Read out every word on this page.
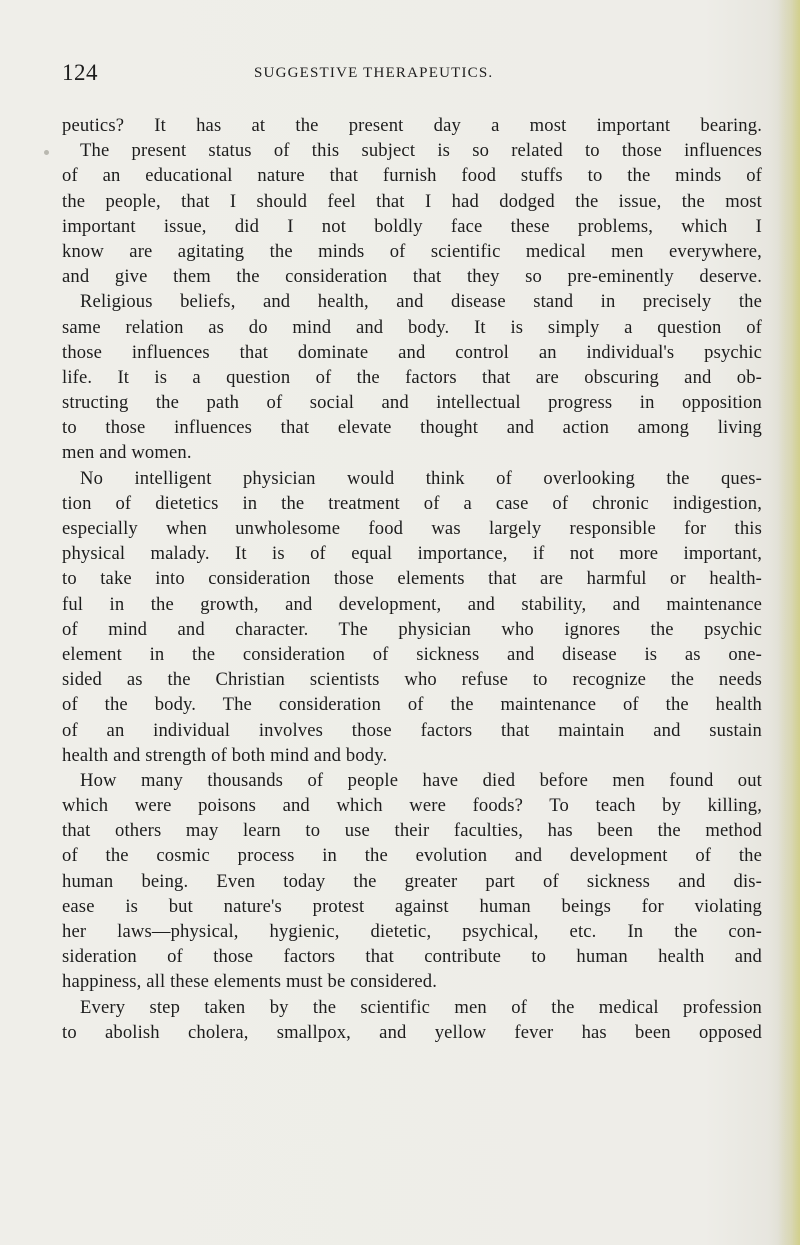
124	SUGGESTIVE THERAPEUTICS.
peutics? It has at the present day a most important bearing.
The present status of this subject is so related to those influences
of an educational nature that furnish food stuffs to the minds of
the people, that I should feel that I had dodged the issue, the most
important issue, did I not boldly face these problems, which I
know are agitating the minds of scientific medical men everywhere,
and give them the consideration that they so pre-eminently deserve.
Religious beliefs, and health, and disease stand in precisely the
same relation as do mind and body. It is simply a question of
those influences that dominate and control an individual's psychic
life. It is a question of the factors that are obscuring and ob-
structing the path of social and intellectual progress in opposition
to those influences that elevate thought and action among living
men and women.
No intelligent physician would think of overlooking the ques-
tion of dietetics in the treatment of a case of chronic indigestion,
especially when unwholesome food was largely responsible for this
physical malady. It is of equal importance, if not more important,
to take into consideration those elements that are harmful or health-
ful in the growth, and development, and stability, and maintenance
of mind and character. The physician who ignores the psychic
element in the consideration of sickness and disease is as one-
sided as the Christian scientists who refuse to recognize the needs
of the body. The consideration of the maintenance of the health
of an individual involves those factors that maintain and sustain
health and strength of both mind and body.
How many thousands of people have died before men found out
which were poisons and which were foods? To teach by killing,
that others may learn to use their faculties, has been the method
of the cosmic process in the evolution and development of the
human being. Even today the greater part of sickness and dis-
ease is but nature's protest against human beings for violating
her laws—physical, hygienic, dietetic, psychical, etc. In the con-
sideration of those factors that contribute to human health and
happiness, all these elements must be considered.
Every step taken by the scientific men of the medical profession
to abolish cholera, smallpox, and yellow fever has been opposed
